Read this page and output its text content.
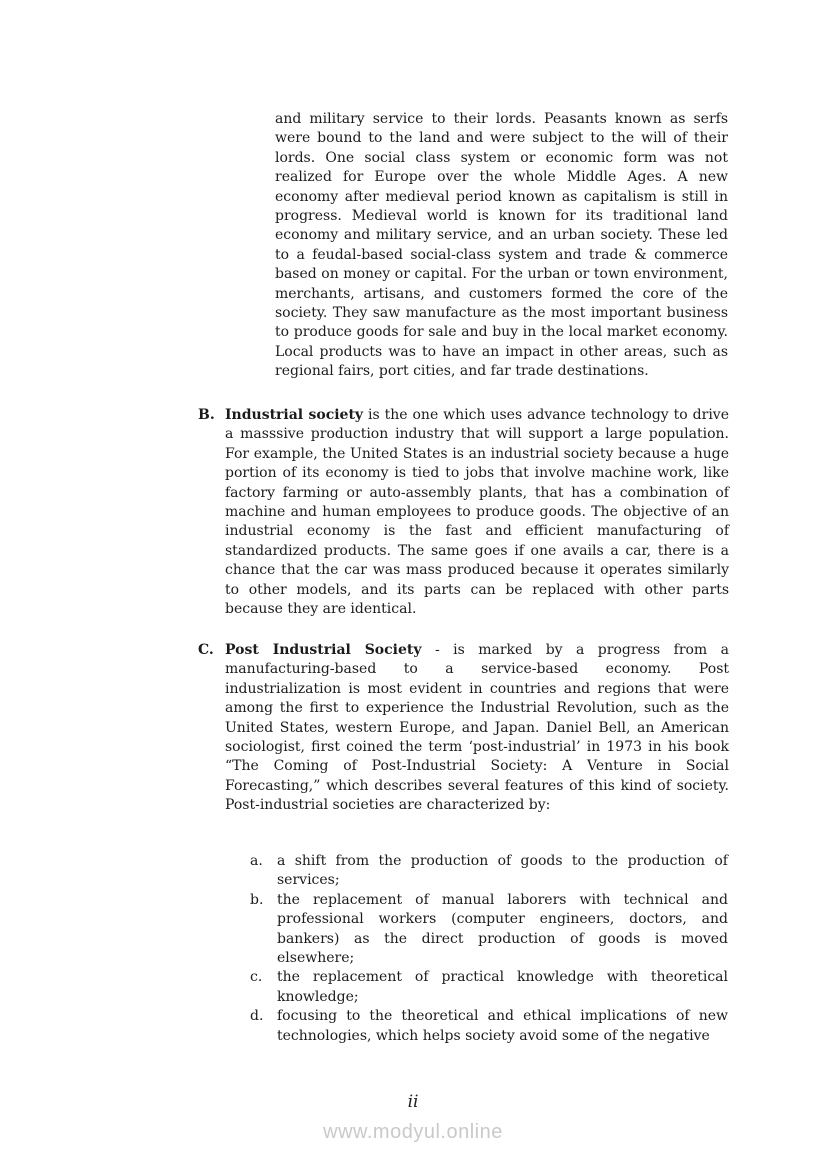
and military service to their lords. Peasants known as serfs were bound to the land and were subject to the will of their lords. One social class system or economic form was not realized for Europe over the whole Middle Ages. A new economy after medieval period known as capitalism is still in progress. Medieval world is known for its traditional land economy and military service, and an urban society. These led to a feudal-based social-class system and trade & commerce based on money or capital. For the urban or town environment, merchants, artisans, and customers formed the core of the society. They saw manufacture as the most important business to produce goods for sale and buy in the local market economy. Local products was to have an impact in other areas, such as regional fairs, port cities, and far trade destinations.

B. Industrial society is the one which uses advance technology to drive a masssive production industry that will support a large population. For example, the United States is an industrial society because a huge portion of its economy is tied to jobs that involve machine work, like factory farming or auto-assembly plants, that has a combination of machine and human employees to produce goods. The objective of an industrial economy is the fast and efficient manufacturing of standardized products. The same goes if one avails a car, there is a chance that the car was mass produced because it operates similarly to other models, and its parts can be replaced with other parts because they are identical.
C. Post Industrial Society - is marked by a progress from a manufacturing-based to a service-based economy. Post industrialization is most evident in countries and regions that were among the first to experience the Industrial Revolution, such as the United States, western Europe, and Japan. Daniel Bell, an American sociologist, first coined the term ‘post-industrial’ in 1973 in his book “The Coming of Post-Industrial Society: A Venture in Social Forecasting,” which describes several features of this kind of society. Post-industrial societies are characterized by:
a.	a shift from the production of goods to the production of services;
b. the replacement of manual laborers with technical and professional workers (computer engineers, doctors, and bankers) as the direct production of goods is moved elsewhere;
c.	the replacement of practical knowledge with theoretical knowledge;
d. focusing to the theoretical and ethical implications of new technologies, which helps society avoid some of the negative
ii
www.modyul.online
